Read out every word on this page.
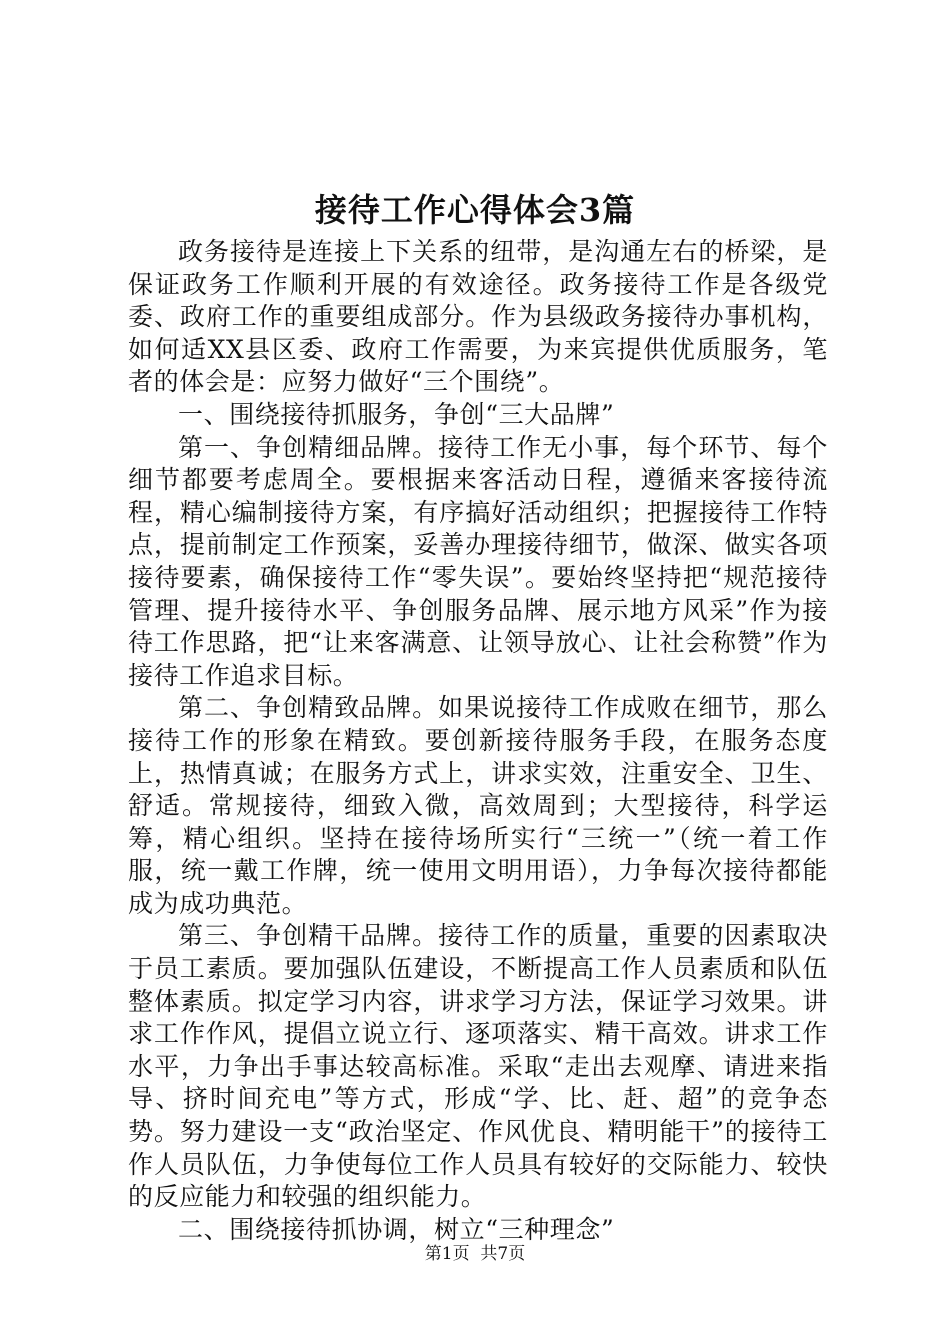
接待工作心得体会3篇

政务接待是连接上下关系的纽带，是沟通左右的桥梁，是保证政务工作顺利开展的有效途径。政务接待工作是各级党委、政府工作的重要组成部分。作为县级政务接待办事机构，如何适XX县区委、政府工作需要，为来宾提供优质服务，笔者的体会是：应努力做好“三个围绕”。

一、围绕接待抓服务，争创“三大品牌”

第一、争创精细品牌。接待工作无小事，每个环节、每个细节都要考虑周全。要根据来客活动日程，遵循来客接待流程，精心编制接待方案，有序搞好活动组织；把握接待工作特点，提前制定工作预案，妥善办理接待细节，做深、做实各项接待要素，确保接待工作“零失误”。要始终坚持把“规范接待管理、提升接待水平、争创服务品牌、展示地方风采”作为接待工作思路，把“让来客满意、让领导放心、让社会称赞”作为接待工作追求目标。

第二、争创精致品牌。如果说接待工作成败在细节，那么接待工作的形象在精致。要创新接待服务手段，在服务态度上，热情真诚；在服务方式上，讲求实效，注重安全、卫生、舒适。常规接待，细致入微，高效周到；大型接待，科学运筹，精心组织。坚持在接待场所实行“三统一”（统一着工作服，统一戴工作牌，统一使用文明用语），力争每次接待都能成为成功典范。

第三、争创精干品牌。接待工作的质量，重要的因素取决于员工素质。要加强队伍建设，不断提高工作人员素质和队伍整体素质。拟定学习内容，讲求学习方法，保证学习效果。讲求工作作风，提倡立说立行、逐项落实、精干高效。讲求工作水平，力争出手事达较高标准。采取“走出去观摩、请进来指导、挤时间充电”等方式，形成“学、比、赶、超”的竞争态势。努力建设一支“政治坚定、作风优良、精明能干”的接待工作人员队伍，力争使每位工作人员具有较好的交际能力、较快的反应能力和较强的组织能力。

二、围绕接待抓协调，树立“三种理念”

第1页 共7页
